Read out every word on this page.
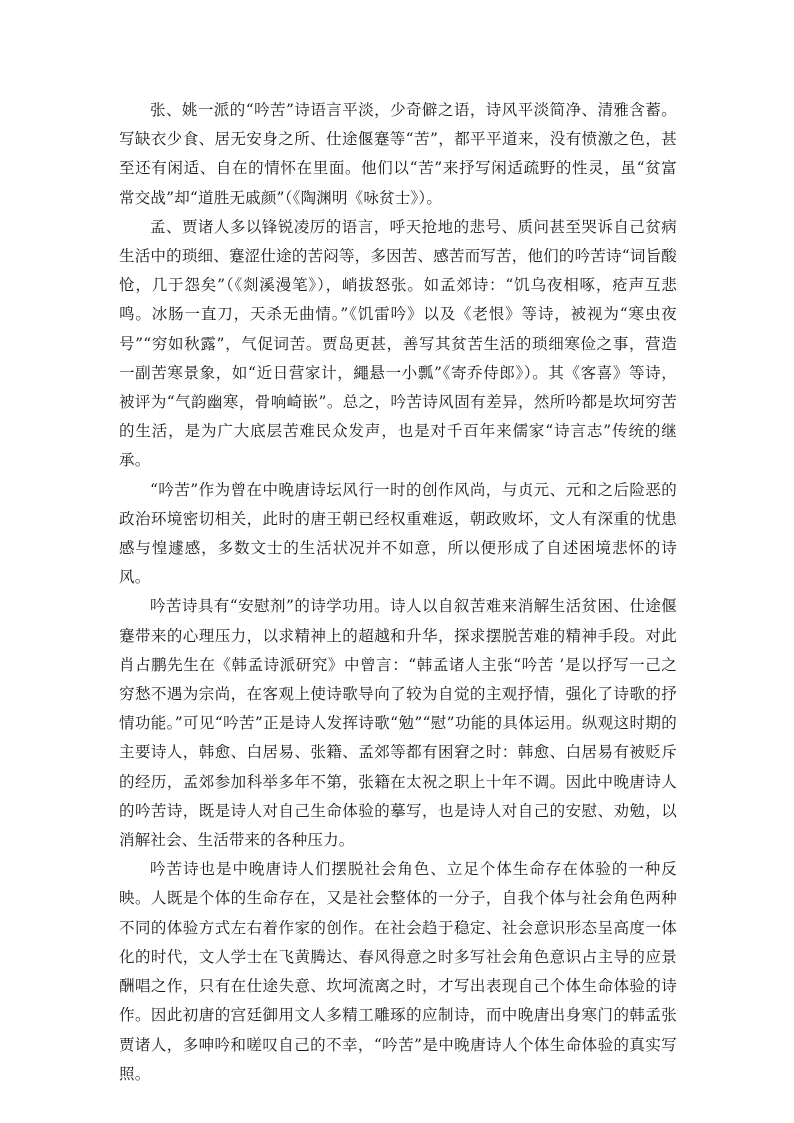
张、姚一派的“吟苦”诗语言平淡，少奇僻之语，诗风平淡简净、清雅含蓄。写缺衣少食、居无安身之所、仕途偃蹇等“苦”，都平平道来，没有愤激之色，甚至还有闲适、自在的情怀在里面。他们以“苦”来抒写闲适疏野的性灵，虽“贫富常交战”却“道胜无戚颜”（《陶渊明《咏贫士》）。

孟、贾诸人多以锋锐凌厉的语言，呼天抢地的悲号、质问甚至哭诉自己贫病生活中的琐细、蹇涩仕途的苦闷等，多因苦、感苦而写苦，他们的吟苦诗“词旨酸怆，几于怨矣”（《剡溪漫笔》），峭拔怒张。如孟郊诗：“饥乌夜相啄，疮声互悲鸣。冰肠一直刀，天杀无曲情。”《饥雷吟》以及《老恨》等诗，被视为“寒虫夜号”“穷如秋露”，气促词苦。贾岛更甚，善写其贫苦生活的琐细寒俭之事，营造一副苦寒景象，如“近日营家计，繩悬一小瓢”《寄乔侍郎》）。其《客喜》等诗，被评为“气韵幽寒，骨响崎嵌”。总之，吟苦诗风固有差异，然所吟都是坎坷穷苦的生活，是为广大底层苦难民众发声，也是对千百年来儒家“诗言志”传统的继承。

“吟苦”作为曾在中晚唐诗坛风行一时的创作风尚，与贞元、元和之后险恶的政治环境密切相关，此时的唐王朝已经权重难返，朝政败坏，文人有深重的忧患感与惶遽感，多数文士的生活状况并不如意，所以便形成了自述困境悲怀的诗风。

吟苦诗具有“安慰剂”的诗学功用。诗人以自叙苦难来消解生活贫困、仕途偃蹇带来的心理压力，以求精神上的超越和升华，探求摆脱苦难的精神手段。对此肖占鹏先生在《韩孟诗派研究》中曾言：“韩孟诸人主张“吟苦 ’是以抒写一己之穷愁不遇为宗尚，在客观上使诗歌导向了较为自觉的主观抒情，强化了诗歌的抒情功能。”可见“吟苦”正是诗人发挥诗歌“勉”“慰”功能的具体运用。纵观这时期的主要诗人，韩愈、白居易、张籍、孟郊等都有困窘之时：韩愈、白居易有被贬斥的经历，孟郊参加科举多年不第，张籍在太祝之职上十年不调。因此中晚唐诗人的吟苦诗，既是诗人对自己生命体验的摹写，也是诗人对自己的安慰、劝勉，以消解社会、生活带来的各种压力。

吟苦诗也是中晚唐诗人们摆脱社会角色、立足个体生命存在体验的一种反映。人既是个体的生命存在，又是社会整体的一分子，自我个体与社会角色两种不同的体验方式左右着作家的创作。在社会趋于稳定、社会意识形态呈高度一体化的时代，文人学士在飞黄腾达、春风得意之时多写社会角色意识占主导的应景酬唱之作，只有在仕途失意、坎坷流离之时，才写出表现自己个体生命体验的诗作。因此初唐的宫廷御用文人多精工雕琢的应制诗，而中晚唐出身寒门的韩孟张贾诸人，多呻吟和嗟叹自己的不幸，“吟苦”是中晚唐诗人个体生命体验的真实写照。
